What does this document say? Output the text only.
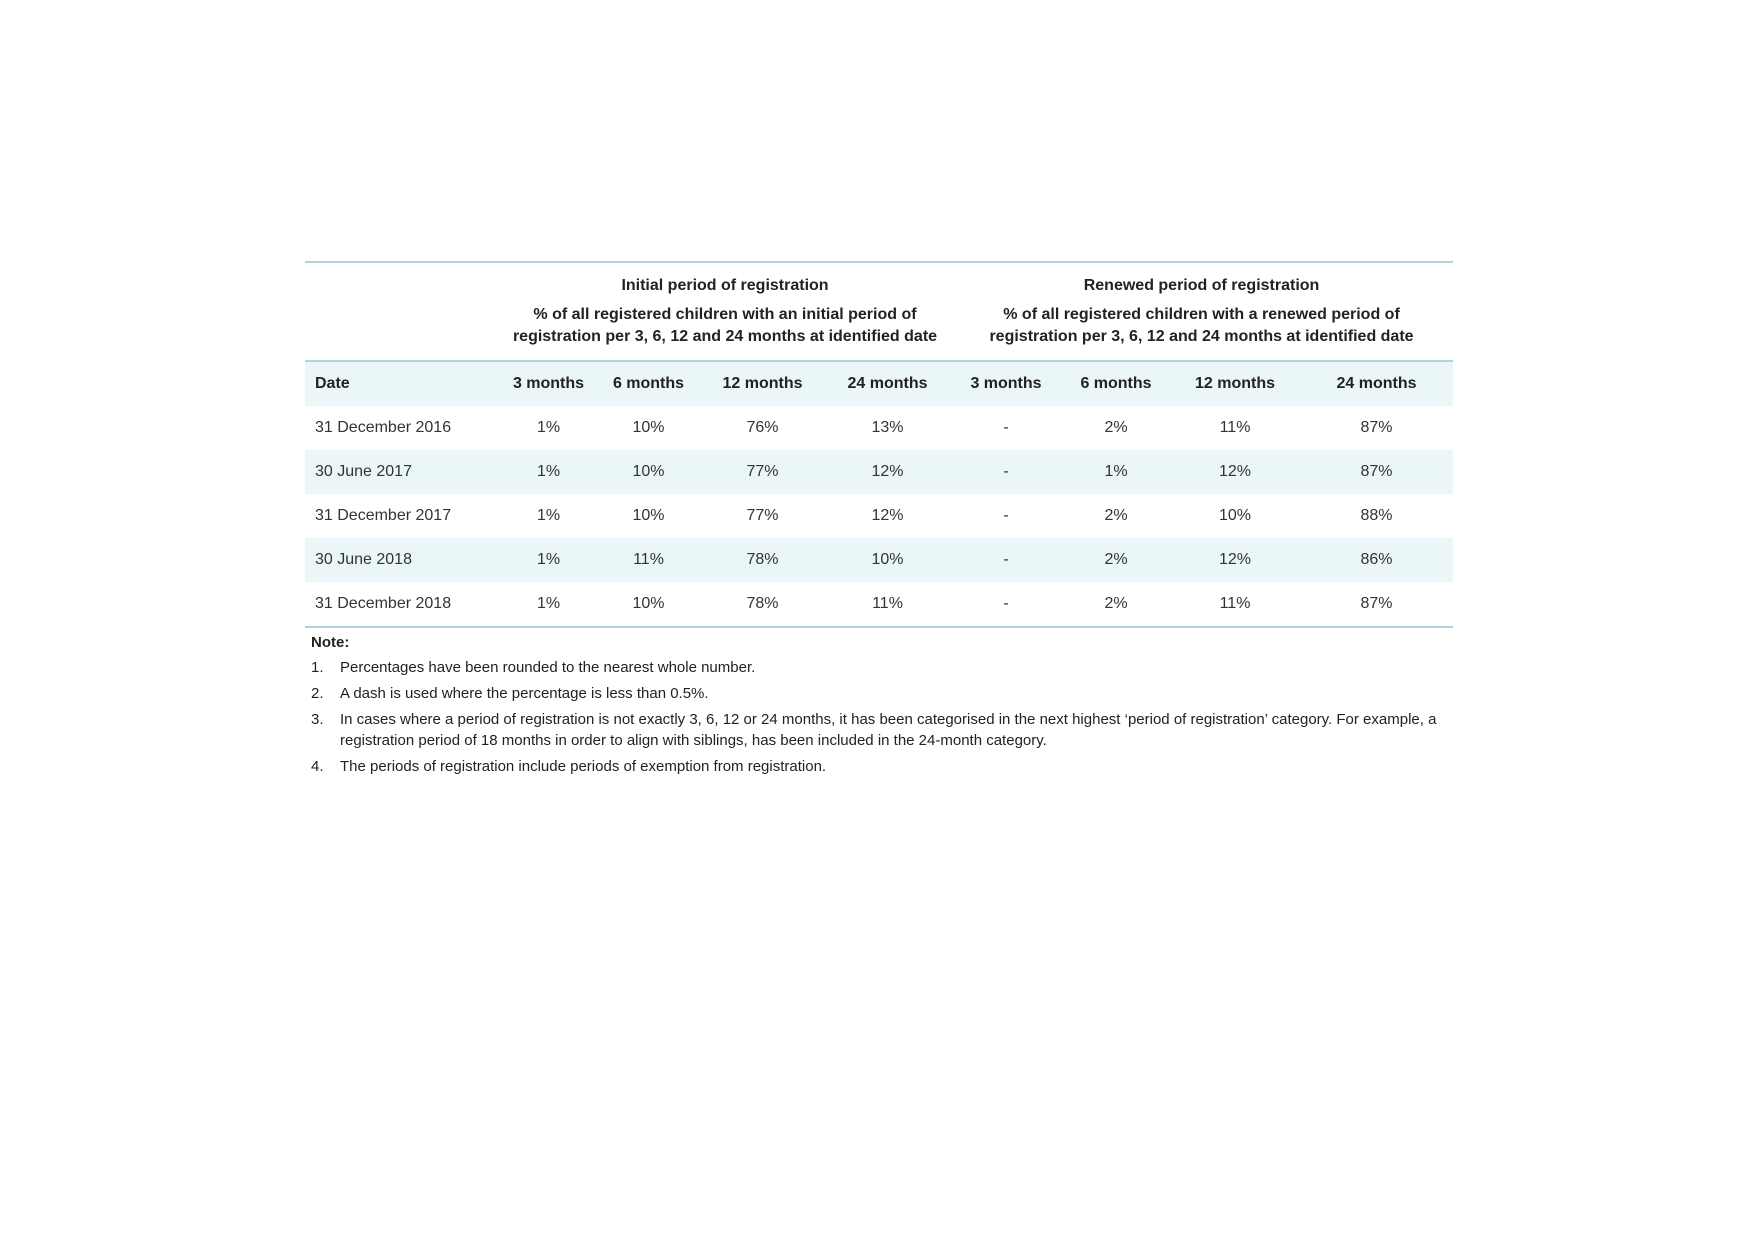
	Initial period of registration				Renewed period of registration			
	% of all registered children with an initial period of
registration per 3, 6, 12 and 24 months at identified date				% of all registered children with a renewed period of
registration per 3, 6, 12 and 24 months at identified date			
Date	3 months	6 months	12 months	24 months	3 months	6 months	12 months	24 months
31 December 2016	1%	10%	76%	13%	-	2%	11%	87%
30 June 2017	1%	10%	77%	12%	-	1%	12%	87%
31 December 2017	1%	10%	77%	12%	-	2%	10%	88%
30 June 2018	1%	11%	78%	10%	-	2%	12%	86%
31 December 2018	1%	10%	78%	11%	-	2%	11%	87%
Note:
1.	Percentages have been rounded to the nearest whole number.
2.	A dash is used where the percentage is less than 0.5%.
3.	In cases where a period of registration is not exactly 3, 6, 12 or 24 months, it has been categorised in the next highest ‘period of registration’ category. For example, a registration period of 18 months in order to align with siblings, has been included in the 24-month category.
4.	The periods of registration include periods of exemption from registration.
